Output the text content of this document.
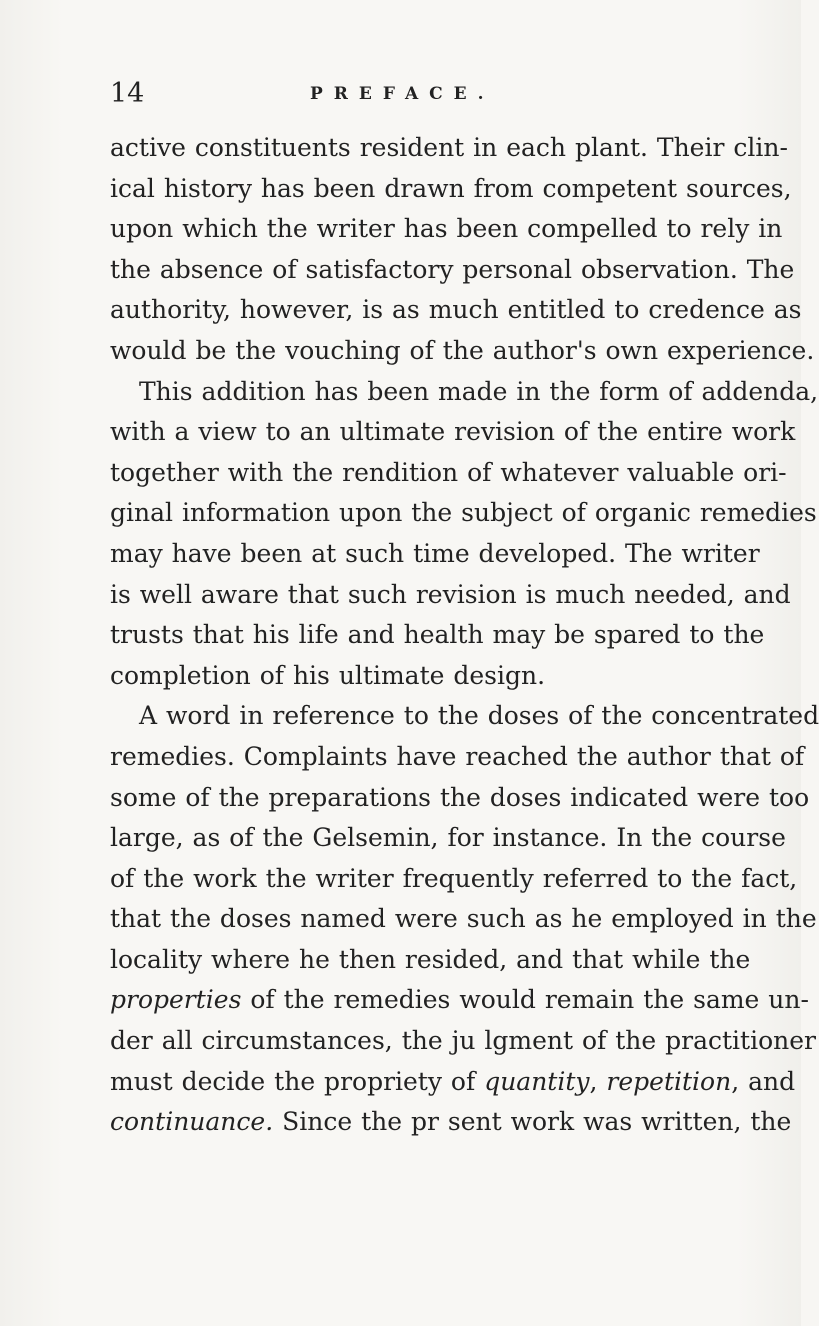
14	PREFACE.
active constituents resident in each plant. Their clin-
ical history has been drawn from competent sources,
upon which the writer has been compelled to rely in
the absence of satisfactory personal observation. The
authority, however, is as much entitled to credence as
would be the vouching of the author's own experience.
This addition has been made in the form of addenda,
with a view to an ultimate revision of the entire work
together with the rendition of whatever valuable ori-
ginal information upon the subject of organic remedies
may have been at such time developed. The writer
is well aware that such revision is much needed, and
trusts that his life and health may be spared to the
completion of his ultimate design.
A word in reference to the doses of the concentrated
remedies. Complaints have reached the author that of
some of the preparations the doses indicated were too
large, as of the Gelsemin, for instance. In the course
of the work the writer frequently referred to the fact,
that the doses named were such as he employed in the
locality where he then resided, and that while the
properties of the remedies would remain the same un-
der all circumstances, the ju lgment of the practitioner
must decide the propriety of quantity, repetition, and
continuance. Since the pr sent work was written, the
